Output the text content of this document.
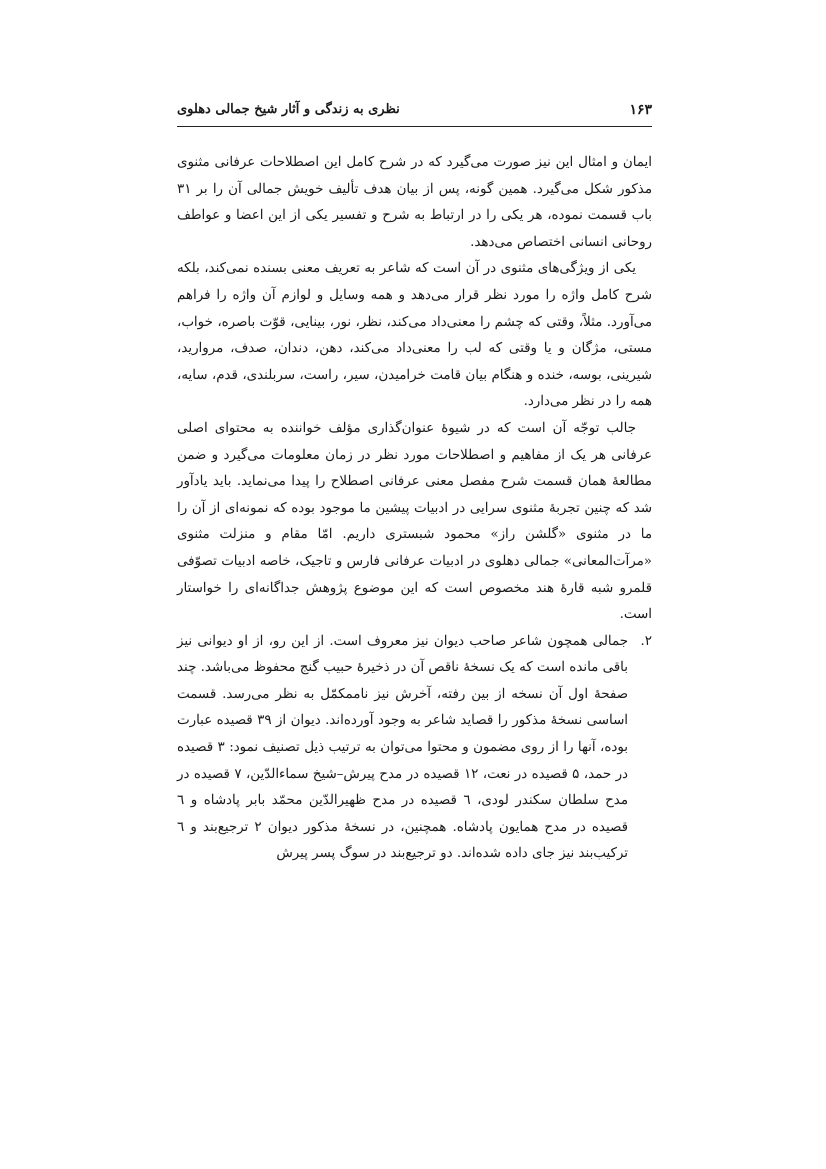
۱۶۳
نظری به زندگی و آثار شیخ جمالی دهلوی

ایمان و امثال این نیز صورت می‌گیرد که در شرح کامل این اصطلاحات عرفانی مثنوی مذکور شکل می‌گیرد. همین گونه، پس از بیان هدف تألیف خویش جمالی آن را بر ۳۱ باب قسمت نموده، هر یکی را در ارتباط به شرح و تفسیر یکی از این اعضا و عواطف روحانی انسانی اختصاص می‌دهد.

یکی از ویژگی‌های مثنوی در آن است که شاعر به تعریف معنی بسنده نمی‌کند، بلکه شرح کامل واژه را مورد نظر قرار می‌دهد و همه وسایل و لوازم آن واژه را فراهم می‌آورد. مثلاً، وقتی که چشم را معنی‌داد می‌کند، نظر، نور، بینایی، قوّت باصره، خواب، مستی، مژگان و یا وقتی که لب را معنی‌داد می‌کند، دهن، دندان، صدف، مروارید، شیرینی، بوسه، خنده و هنگام بیان قامت خرامیدن، سیر، راست، سربلندی، قدم، سایه، همه را در نظر می‌دارد.

جالب توجّه آن است که در شیوهٔ عنوان‌گذاری مؤلف خواننده به محتوای اصلی عرفانی هر یک از مفاهیم و اصطلاحات مورد نظر در زمان معلومات می‌گیرد و ضمن مطالعهٔ همان قسمت شرح مفصل معنی عرفانی اصطلاح را پیدا می‌نماید. باید یادآور شد که چنین تجربهٔ مثنوی سرایی در ادبیات پیشین ما موجود بوده که نمونه‌ای از آن را ما در مثنوی «گلشن راز» محمود شبستری داریم. امّا مقام و منزلت مثنوی «مرآت‌المعانی» جمالی دهلوی در ادبیات عرفانی فارس و تاجیک، خاصه ادبیات تصوّفی قلمرو شبه قارهٔ هند مخصوص است که این موضوع پژوهش جداگانه‌ای را خواستار است.

۲.
جمالی همچون شاعر صاحب دیوان نیز معروف است. از این رو، از او دیوانی نیز باقی مانده است که یک نسخهٔ ناقص آن در ذخیرهٔ حبیب گنج محفوظ می‌باشد. چند صفحهٔ اول آن نسخه از بین رفته، آخرش نیز ناممکمّل به نظر می‌رسد. قسمت اساسی نسخهٔ مذکور را قصاید شاعر به وجود آورده‌اند. دیوان از ۳۹ قصیده عبارت بوده، آنها را از روی مضمون و محتوا می‌توان به ترتیب ذیل تصنیف نمود: ۳ قصیده در حمد، ۵ قصیده در نعت، ۱۲ قصیده در مدح پیرش–شیخ سماءالدّین، ۷ قصیده در مدح سلطان سکندر لودی، ٦ قصیده در مدح ظهیرالدّین محمّد بابر پادشاه و ٦ قصیده در مدح همایون پادشاه. همچنین، در نسخهٔ مذکور دیوان ۲ ترجیع‌بند و ٦ ترکیب‌بند نیز جای داده شده‌اند. دو ترجیع‌بند در سوگ پسر پیرش
